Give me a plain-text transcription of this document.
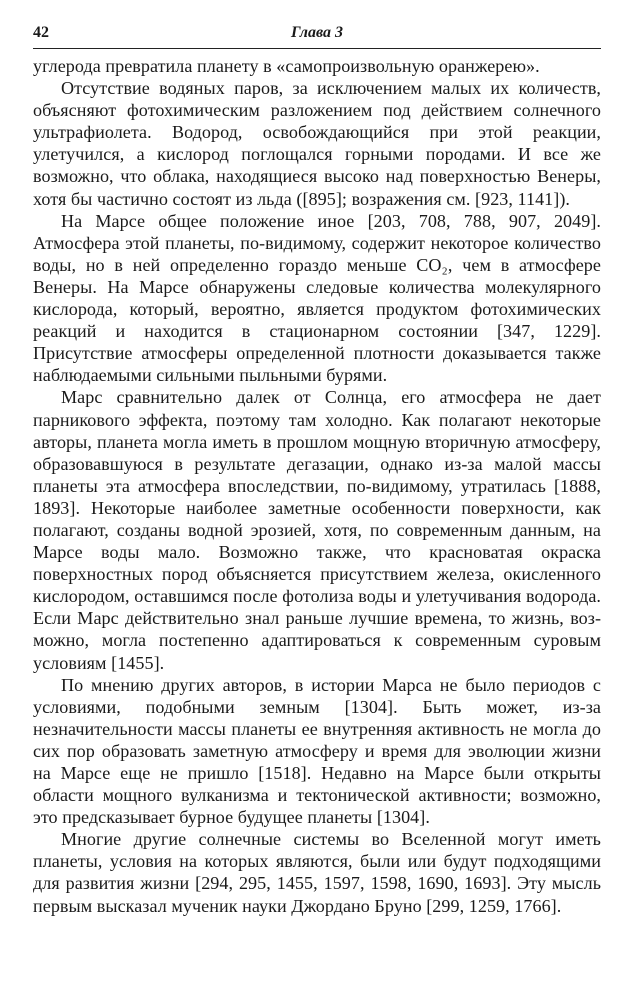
42	Глава 3

углерода превратила планету в «самопроизвольную оранжерею».

Отсутствие водяных паров, за исключением малых их количеств, объясняют фотохимическим разложением под действием солнечного ультрафиолета. Водород, освобождающийся при этой реакции, улетучился, а кислород поглощался горными породами. И все же возможно, что облака, находящиеся высоко над поверхностью Венеры, хотя бы частично состоят из льда ([895]; возражения см. [923, 1141]).

На Марсе общее положение иное [203, 708, 788, 907, 2049]. Атмосфера этой планеты, по-видимому, содержит некоторое количество воды, но в ней определенно гораздо меньше CO₂, чем в атмосфере Венеры. На Марсе обнаружены следовые количества молекулярного кислорода, который, вероятно, является продуктом фотохимических реакций и находится в стационарном состоянии [347, 1229]. Присутствие атмосферы определенной плотности доказывается также наблюдаемыми сильными пыльными бурями.

Марс сравнительно далек от Солнца, его атмосфера не дает парникового эффекта, поэтому там холодно. Как полагают некоторые авторы, планета могла иметь в прошлом мощную вторичную атмосферу, образовавшуюся в результате дегазации, однако из-за малой массы планеты эта атмосфера впоследствии, по-видимому, утратилась [1888, 1893]. Некоторые наиболее заметные особенности поверхности, как полагают, созданы водной эрозией, хотя, по современным данным, на Марсе воды мало. Возможно также, что красноватая окраска поверхностных пород объясняется присутствием железа, окисленного кислородом, оставшимся после фотолиза воды и улетучивания водорода. Если Марс действительно знал раньше лучшие времена, то жизнь, возможно, могла постепенно адаптироваться к современным суровым условиям [1455].

По мнению других авторов, в истории Марса не было периодов с условиями, подобными земным [1304]. Быть может, из-за незначительности массы планеты ее внутренняя активность не могла до сих пор образовать заметную атмосферу и время для эволюции жизни на Марсе еще не пришло [1518]. Недавно на Марсе были открыты области мощного вулканизма и тектонической активности; возможно, это предсказывает бурное будущее планеты [1304].

Многие другие солнечные системы во Вселенной могут иметь планеты, условия на которых являются, были или будут подходящими для развития жизни [294, 295, 1455, 1597, 1598, 1690, 1693]. Эту мысль первым высказал мученик науки Джордано Бруно [299, 1259, 1766].
